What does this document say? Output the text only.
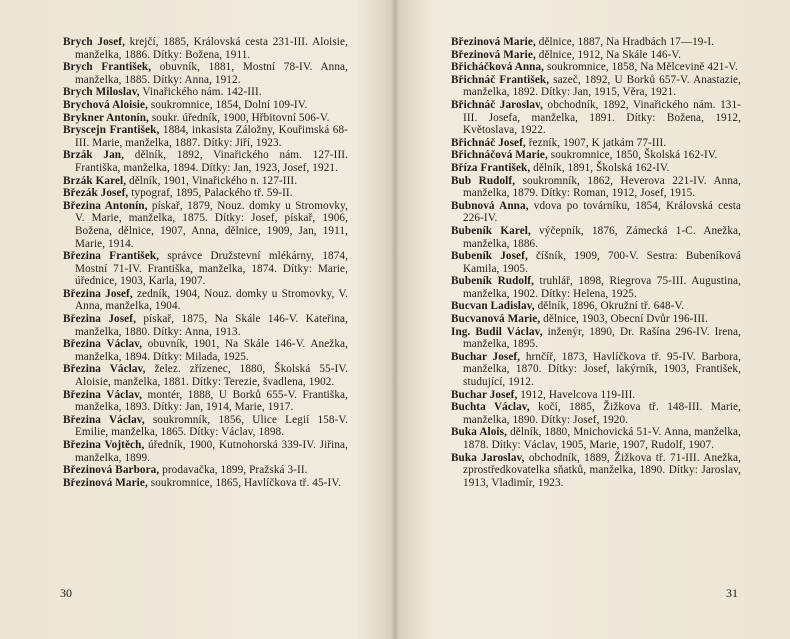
Brych Josef, krejčí, 1885, Královská cesta 231-III. Aloisie, manželka, 1886. Dítky: Božena, 1911.
Brych František, obuvník, 1881, Mostní 78-IV. Anna, manželka, 1885. Dítky: Anna, 1912.
Brych Miloslav, Vinařického nám. 142-III.
Brychová Aloisie, soukromnice, 1854, Dolní 109-IV.
Brykner Antonín, soukr. úředník, 1900, Hřbitovní 506-V.
Bryscejn František, 1884, inkasista Záložny, Kouřimská 68-III. Marie, manželka, 1887. Dítky: Jiří, 1923.
Brzák Jan, dělník, 1892, Vinařického nám. 127-III. Františka, manželka, 1894. Dítky: Jan, 1923, Josef, 1921.
Brzák Karel, dělník, 1901, Vinařického n. 127-III.
Březák Josef, typograf, 1895, Palackého tř. 59-II.
Březina Antonín, pískař, 1879, Nouz. domky u Stromovky, V. Marie, manželka, 1875. Dítky: Josef, pískař, 1906, Božena, dělnice, 1907, Anna, dělnice, 1909, Jan, 1911, Marie, 1914.
Březina František, správce Družstevní mlékárny, 1874, Mostní 71-IV. Františka, manželka, 1874. Dítky: Marie, úřednice, 1903, Karla, 1907.
Březina Josef, zedník, 1904, Nouz. domky u Stromovky, V. Anna, manželka, 1904.
Březina Josef, pískař, 1875, Na Skále 146-V. Kateřina, manželka, 1880. Dítky: Anna, 1913.
Březina Václav, obuvník, 1901, Na Skále 146-V. Anežka, manželka, 1894. Dítky: Milada, 1925.
Březina Václav, želez. zřízenec, 1880, Školská 55-IV. Aloisie, manželka, 1881. Dítky: Terezie, švadlena, 1902.
Březina Václav, montér, 1888, U Borků 655-V. Františka, manželka, 1893. Dítky: Jan, 1914, Marie, 1917.
Březina Václav, soukromník, 1856, Ulice Legií 158-V. Emilie, manželka, 1865. Dítky: Václav, 1898.
Březina Vojtěch, úředník, 1900, Kutnohorská 339-IV. Jiřina, manželka, 1899.
Březinová Barbora, prodavačka, 1899, Pražská 3-II.
Březinová Marie, soukromnice, 1865, Havlíčkova tř. 45-IV.
30
Březinová Marie, dělnice, 1887, Na Hradbách 17—19-I.
Březinová Marie, dělnice, 1912, Na Skále 146-V.
Břicháčková Anna, soukromnice, 1858, Na Mělcevině 421-V.
Břichnáč František, sazeč, 1892, U Borků 657-V. Anastazie, manželka, 1892. Dítky: Jan, 1915, Věra, 1921.
Břichnáč Jaroslav, obchodník, 1892, Vinařického nám. 131-III. Josefa, manželka, 1891. Dítky: Božena, 1912, Květoslava, 1922.
Břichnáč Josef, řezník, 1907, K jatkám 77-III.
Břichnáčová Marie, soukromnice, 1850, Školská 162-IV.
Bříza František, dělník, 1891, Školská 162-IV.
Bub Rudolf, soukromník, 1862, Heverova 221-IV. Anna, manželka, 1879. Dítky: Roman, 1912, Josef, 1915.
Bubnová Anna, vdova po továrníku, 1854, Královská cesta 226-IV.
Bubeník Karel, výčepník, 1876, Zámecká 1-C. Anežka, manželka, 1886.
Bubeník Josef, číšník, 1909, 700-V. Sestra: Bubeníková Kamila, 1905.
Bubeník Rudolf, truhlář, 1898, Riegrova 75-III. Augustina, manželka, 1902. Dítky: Helena, 1925.
Bucvan Ladislav, dělník, 1896, Okružní tř. 648-V.
Bucvanová Marie, dělnice, 1903, Obecní Dvůr 196-III.
Ing. Budil Václav, inženýr, 1890, Dr. Rašína 296-IV. Irena, manželka, 1895.
Buchar Josef, hrnčíř, 1873, Havlíčkova tř. 95-IV. Barbora, manželka, 1870. Dítky: Josef, lakýrník, 1903, František, studující, 1912.
Buchar Josef, 1912, Havelcova 119-III.
Buchta Václav, kočí, 1885, Žižkova tř. 148-III. Marie, manželka, 1890. Dítky: Josef, 1920.
Buka Alois, dělník, 1880, Mnichovická 51-V. Anna, manželka, 1878. Dítky: Václav, 1905, Marie, 1907, Rudolf, 1907.
Buka Jaroslav, obchodník, 1889, Žižkova tř. 71-III. Anežka, zprostředkovatelka sňatků, manželka, 1890. Dítky: Jaroslav, 1913, Vladimír, 1923.
31
